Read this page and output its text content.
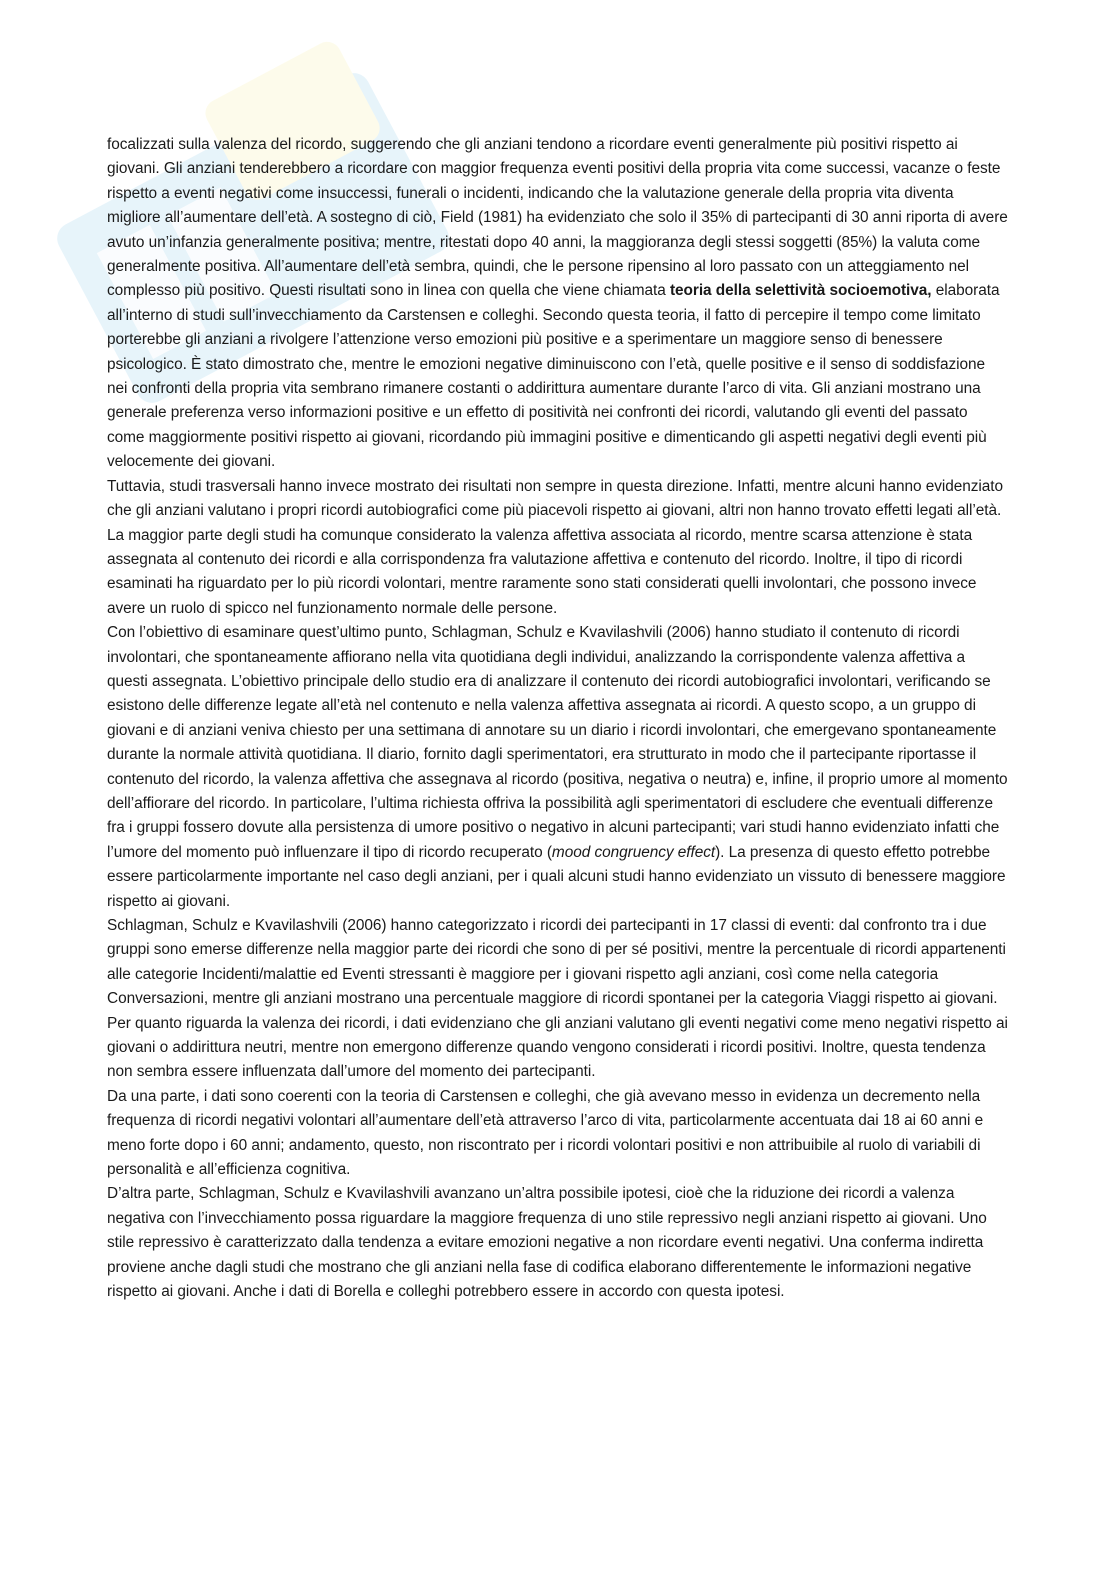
focalizzati sulla valenza del ricordo, suggerendo che gli anziani tendono a ricordare eventi generalmente più positivi rispetto ai giovani. Gli anziani tenderebbero a ricordare con maggior frequenza eventi positivi della propria vita come successi, vacanze o feste rispetto a eventi negativi come insuccessi, funerali o incidenti, indicando che la valutazione generale della propria vita diventa migliore all’aumentare dell’età. A sostegno di ciò, Field (1981) ha evidenziato che solo il 35% di partecipanti di 30 anni riporta di avere avuto un’infanzia generalmente positiva; mentre, ritestati dopo 40 anni, la maggioranza degli stessi soggetti (85%) la valuta come generalmente positiva. All’aumentare dell’età sembra, quindi, che le persone ripensino al loro passato con un atteggiamento nel complesso più positivo. Questi risultati sono in linea con quella che viene chiamata teoria della selettività socioemotiva, elaborata all’interno di studi sull’invecchiamento da Carstensen e colleghi. Secondo questa teoria, il fatto di percepire il tempo come limitato porterebbe gli anziani a rivolgere l’attenzione verso emozioni più positive e a sperimentare un maggiore senso di benessere psicologico. È stato dimostrato che, mentre le emozioni negative diminuiscono con l’età, quelle positive e il senso di soddisfazione nei confronti della propria vita sembrano rimanere costanti o addirittura aumentare durante l’arco di vita. Gli anziani mostrano una generale preferenza verso informazioni positive e un effetto di positività nei confronti dei ricordi, valutando gli eventi del passato come maggiormente positivi rispetto ai giovani, ricordando più immagini positive e dimenticando gli aspetti negativi degli eventi più velocemente dei giovani.

Tuttavia, studi trasversali hanno invece mostrato dei risultati non sempre in questa direzione. Infatti, mentre alcuni hanno evidenziato che gli anziani valutano i propri ricordi autobiografici come più piacevoli rispetto ai giovani, altri non hanno trovato effetti legati all’età. La maggior parte degli studi ha comunque considerato la valenza affettiva associata al ricordo, mentre scarsa attenzione è stata assegnata al contenuto dei ricordi e alla corrispondenza fra valutazione affettiva e contenuto del ricordo. Inoltre, il tipo di ricordi esaminati ha riguardato per lo più ricordi volontari, mentre raramente sono stati considerati quelli involontari, che possono invece avere un ruolo di spicco nel funzionamento normale delle persone.

Con l’obiettivo di esaminare quest’ultimo punto, Schlagman, Schulz e Kvavilashvili (2006) hanno studiato il contenuto di ricordi involontari, che spontaneamente affiorano nella vita quotidiana degli individui, analizzando la corrispondente valenza affettiva a questi assegnata. L’obiettivo principale dello studio era di analizzare il contenuto dei ricordi autobiografici involontari, verificando se esistono delle differenze legate all’età nel contenuto e nella valenza affettiva assegnata ai ricordi. A questo scopo, a un gruppo di giovani e di anziani veniva chiesto per una settimana di annotare su un diario i ricordi involontari, che emergevano spontaneamente durante la normale attività quotidiana. Il diario, fornito dagli sperimentatori, era strutturato in modo che il partecipante riportasse il contenuto del ricordo, la valenza affettiva che assegnava al ricordo (positiva, negativa o neutra) e, infine, il proprio umore al momento dell’affiorare del ricordo. In particolare, l’ultima richiesta offriva la possibilità agli sperimentatori di escludere che eventuali differenze fra i gruppi fossero dovute alla persistenza di umore positivo o negativo in alcuni partecipanti; vari studi hanno evidenziato infatti che l’umore del momento può influenzare il tipo di ricordo recuperato (mood congruency effect). La presenza di questo effetto potrebbe essere particolarmente importante nel caso degli anziani, per i quali alcuni studi hanno evidenziato un vissuto di benessere maggiore rispetto ai giovani.

Schlagman, Schulz e Kvavilashvili (2006) hanno categorizzato i ricordi dei partecipanti in 17 classi di eventi: dal confronto tra i due gruppi sono emerse differenze nella maggior parte dei ricordi che sono di per sé positivi, mentre la percentuale di ricordi appartenenti alle categorie Incidenti/malattie ed Eventi stressanti è maggiore per i giovani rispetto agli anziani, così come nella categoria Conversazioni, mentre gli anziani mostrano una percentuale maggiore di ricordi spontanei per la categoria Viaggi rispetto ai giovani. Per quanto riguarda la valenza dei ricordi, i dati evidenziano che gli anziani valutano gli eventi negativi come meno negativi rispetto ai giovani o addirittura neutri, mentre non emergono differenze quando vengono considerati i ricordi positivi. Inoltre, questa tendenza non sembra essere influenzata dall’umore del momento dei partecipanti.

Da una parte, i dati sono coerenti con la teoria di Carstensen e colleghi, che già avevano messo in evidenza un decremento nella frequenza di ricordi negativi volontari all’aumentare dell’età attraverso l’arco di vita, particolarmente accentuata dai 18 ai 60 anni e meno forte dopo i 60 anni; andamento, questo, non riscontrato per i ricordi volontari positivi e non attribuibile al ruolo di variabili di personalità e all’efficienza cognitiva.

D’altra parte, Schlagman, Schulz e Kvavilashvili avanzano un’altra possibile ipotesi, cioè che la riduzione dei ricordi a valenza negativa con l’invecchiamento possa riguardare la maggiore frequenza di uno stile repressivo negli anziani rispetto ai giovani. Uno stile repressivo è caratterizzato dalla tendenza a evitare emozioni negative a non ricordare eventi negativi. Una conferma indiretta proviene anche dagli studi che mostrano che gli anziani nella fase di codifica elaborano differentemente le informazioni negative rispetto ai giovani. Anche i dati di Borella e colleghi potrebbero essere in accordo con questa ipotesi.
